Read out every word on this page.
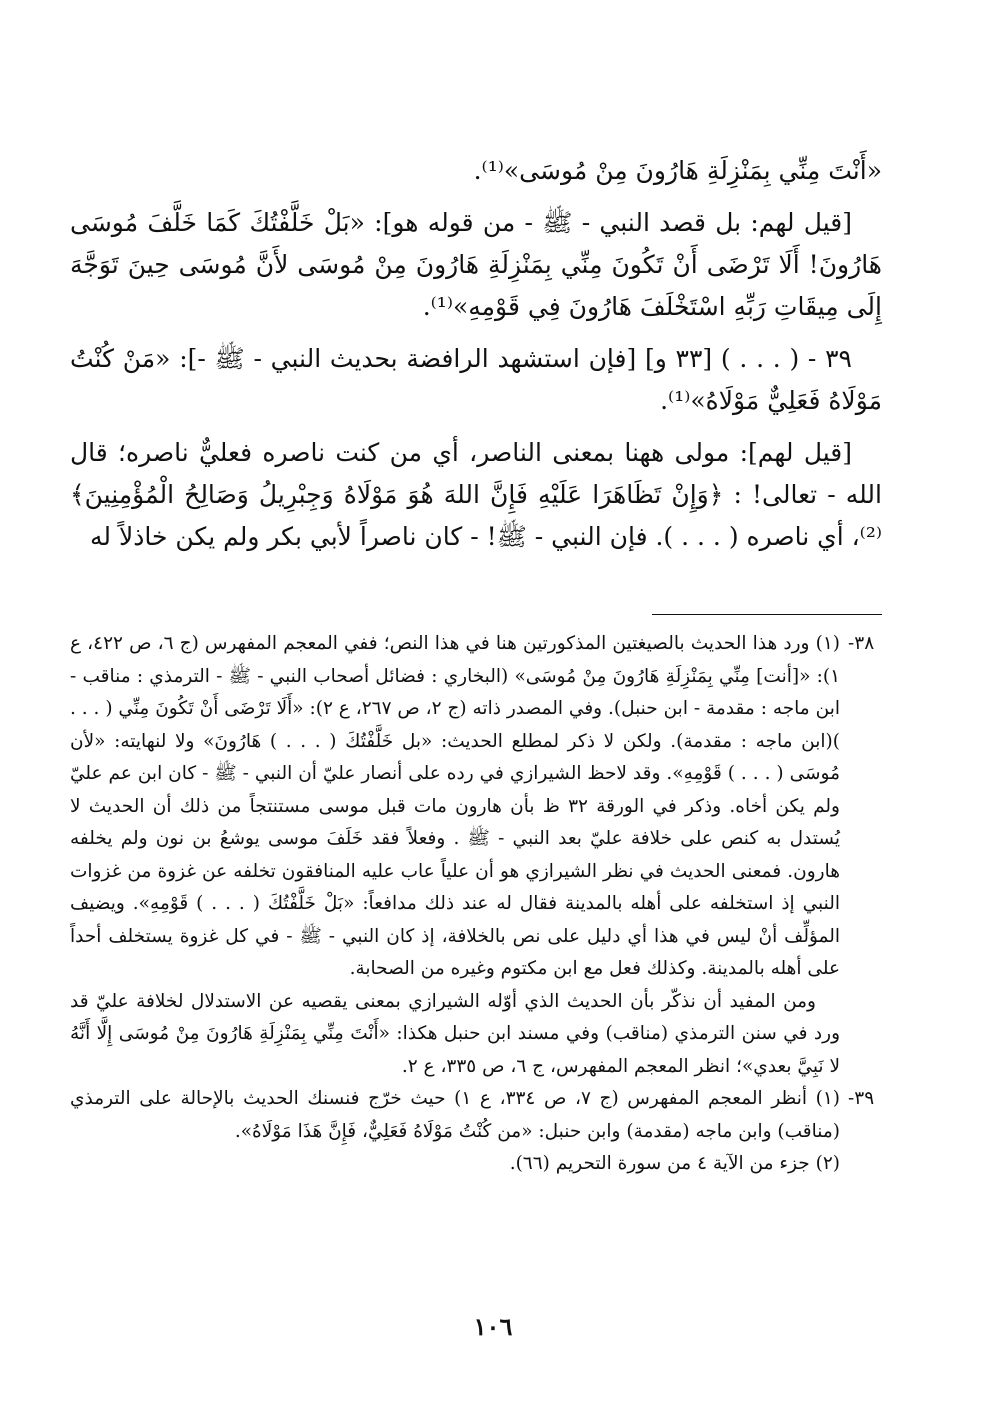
«أَنْتَ مِنِّي بِمَنْزِلَةِ هَارُونَ مِنْ مُوسَى»⁽¹⁾.

[قيل لهم: بل قصد النبي - ﷺ - من قوله هو]: «بَلْ خَلَّفْتُكَ كَمَا خَلَّفَ مُوسَى هَارُونَ! أَلَا تَرْضَى أَنْ تَكُونَ مِنِّي بِمَنْزِلَةِ هَارُونَ مِنْ مُوسَى لأَنَّ مُوسَى حِينَ تَوَجَّهَ إِلَى مِيقَاتِ رَبِّهِ اسْتَخْلَفَ هَارُونَ فِي قَوْمِهِ»⁽¹⁾.

٣٩ - ( . . . ) [٣٣ و] [فإن استشهد الرافضة بحديث النبي - ﷺ -]: «مَنْ كُنْتُ مَوْلَاهُ فَعَلِيٌّ مَوْلَاهُ»⁽¹⁾.

[قيل لهم]: مولى ههنا بمعنى الناصر، أي من كنت ناصره فعليٌّ ناصره؛ قال الله - تعالى! : ﴿وَإِنْ تَظَاهَرَا عَلَيْهِ فَإِنَّ اللهَ هُوَ مَوْلَاهُ وَجِبْرِيلُ وَصَالِحُ الْمُؤْمِنِينَ﴾⁽²⁾، أي ناصره ( . . . ). فإن النبي - ﷺ! - كان ناصراً لأبي بكر ولم يكن خاذلاً له

٣٨-

(١) ورد هذا الحديث بالصيغتين المذكورتين هنا في هذا النص؛ ففي المعجم المفهرس (ج ٦، ص ٤٢٢، ع ١): «[أنت] مِنِّي بِمَنْزِلَةِ هَارُونَ مِنْ مُوسَى» (البخاري : فضائل أصحاب النبي - ﷺ - الترمذي : مناقب - ابن ماجه : مقدمة - ابن حنبل). وفي المصدر ذاته (ج ٢، ص ٢٦٧، ع ٢): «أَلَا تَرْضَى أَنْ تَكُونَ مِنِّي ( . . . )(ابن ماجه : مقدمة). ولكن لا ذكر لمطلع الحديث: «بل خَلَّفْتُكَ ( . . . ) هَارُونَ» ولا لنهايته: «لأن مُوسَى ( . . . ) قَوْمِهِ». وقد لاحظ الشيرازي في رده على أنصار عليّ أن النبي - ﷺ - كان ابن عم عليّ ولم يكن أخاه. وذكر في الورقة ٣٢ ظ بأن هارون مات قبل موسى مستنتجاً من ذلك أن الحديث لا يُستدل به كنص على خلافة عليّ بعد النبي - ﷺ . وفعلاً فقد خَلَفَ موسى يوشعُ بن نون ولم يخلفه هارون. فمعنى الحديث في نظر الشيرازي هو أن علياً عاب عليه المنافقون تخلفه عن غزوة من غزوات النبي إذ استخلفه على أهله بالمدينة فقال له عند ذلك مدافعاً: «بَلْ خَلَّفْتُكَ ( . . . ) قَوْمِهِ». ويضيف المؤلِّف أنْ ليس في هذا أي دليل على نص بالخلافة، إذ كان النبي - ﷺ - في كل غزوة يستخلف أحداً على أهله بالمدينة. وكذلك فعل مع ابن مكتوم وغيره من الصحابة.

ومن المفيد أن نذكّر بأن الحديث الذي أوّله الشيرازي بمعنى يقصيه عن الاستدلال لخلافة عليّ قد ورد في سنن الترمذي (مناقب) وفي مسند ابن حنبل هكذا: «أَنْتَ مِنِّي بِمَنْزِلَةِ هَارُونَ مِنْ مُوسَى إِلَّا أَنَّهُ لا نَبِيَّ بعدي»؛ انظر المعجم المفهرس، ج ٦، ص ٣٣٥، ع ٢.

٣٩-

(١) أنظر المعجم المفهرس (ج ٧، ص ٣٣٤، ع ١) حيث خرّج فنسنك الحديث بالإحالة على الترمذي (مناقب) وابن ماجه (مقدمة) وابن حنبل: «من كُنْتُ مَوْلَاهُ فَعَلِيٌّ، فَإِنَّ هَذَا مَوْلَاهُ».

(٢) جزء من الآية ٤ من سورة التحريم (٦٦).

١٠٦
